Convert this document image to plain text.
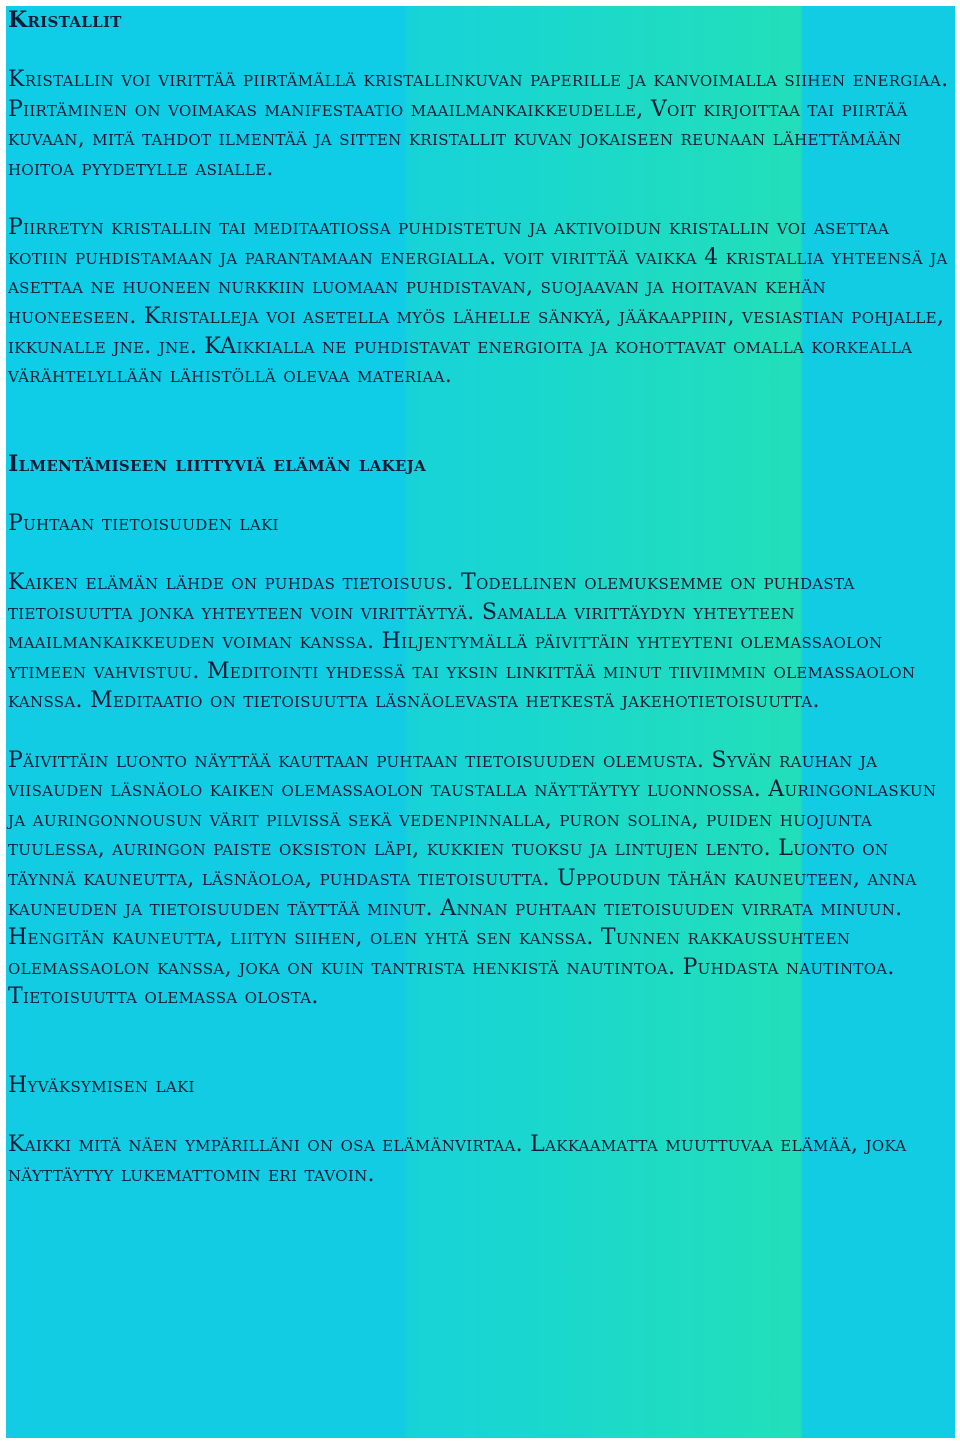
Kristallit

Kristallin voi virittää piirtämällä kristallinkuvan paperille ja kanvoimalla siihen energiaa. Piirtäminen on voimakas manifestaatio maailmankaikkeudelle, Voit kirjoittaa tai piirtää kuvaan, mitä tahdot ilmentää ja sitten kristallit kuvan jokaiseen reunaan lähettämään hoitoa pyydetylle asialle.

Piirretyn kristallin tai meditaatiossa puhdistetun ja aktivoidun kristallin voi asettaa kotiin puhdistamaan ja parantamaan energialla. voit virittää vaikka 4 kristallia yhteensä ja asettaa ne huoneen nurkkiin luomaan puhdistavan, suojaavan ja hoitavan kehän huoneeseen. Kristalleja voi asetella myös lähelle sänkyä, jääkaappiin, vesiastian pohjalle, ikkunalle jne. jne. KAikkialla ne puhdistavat energioita ja kohottavat omalla korkealla värähtelyllään lähistöllä olevaa materiaa.

Ilmentämiseen liittyviä elämän lakeja

Puhtaan tietoisuuden laki

Kaiken elämän lähde on puhdas tietoisuus. Todellinen olemuksemme on puhdasta tietoisuutta jonka yhteyteen voin virittäytyä. Samalla virittäydyn yhteyteen maailmankaikkeuden voiman kanssa. Hiljentymällä päivittäin yhteyteni olemassaolon ytimeen vahvistuu. Meditointi yhdessä tai yksin linkittää minut tiiviimmin olemassaolon kanssa. Meditaatio on tietoisuutta läsnäolevasta hetkestä jakehotietoisuutta.

Päivittäin luonto näyttää kauttaan puhtaan tietoisuuden olemusta. Syvän rauhan ja viisauden läsnäolo kaiken olemassaolon taustalla näyttäytyy luonnossa. Auringonlaskun ja auringonnousun värit pilvissä sekä vedenpinnalla, puron solina, puiden huojunta tuulessa, auringon paiste oksiston läpi, kukkien tuoksu ja lintujen lento. Luonto on täynnä kauneutta, läsnäoloa, puhdasta tietoisuutta. Uppoudun tähän kauneuteen, anna kauneuden ja tietoisuuden täyttää minut. Annan puhtaan tietoisuuden virrata minuun. Hengitän kauneutta, liityn siihen, olen yhtä sen kanssa. Tunnen rakkaussuhteen olemassaolon kanssa, joka on kuin tantrista henkistä nautintoa. Puhdasta nautintoa. Tietoisuutta olemassa olosta.

Hyväksymisen laki

Kaikki mitä näen ympärilläni on osa elämänvirtaa. Lakkaamatta muuttuvaa elämää, joka näyttäytyy lukemattomin eri tavoin.
